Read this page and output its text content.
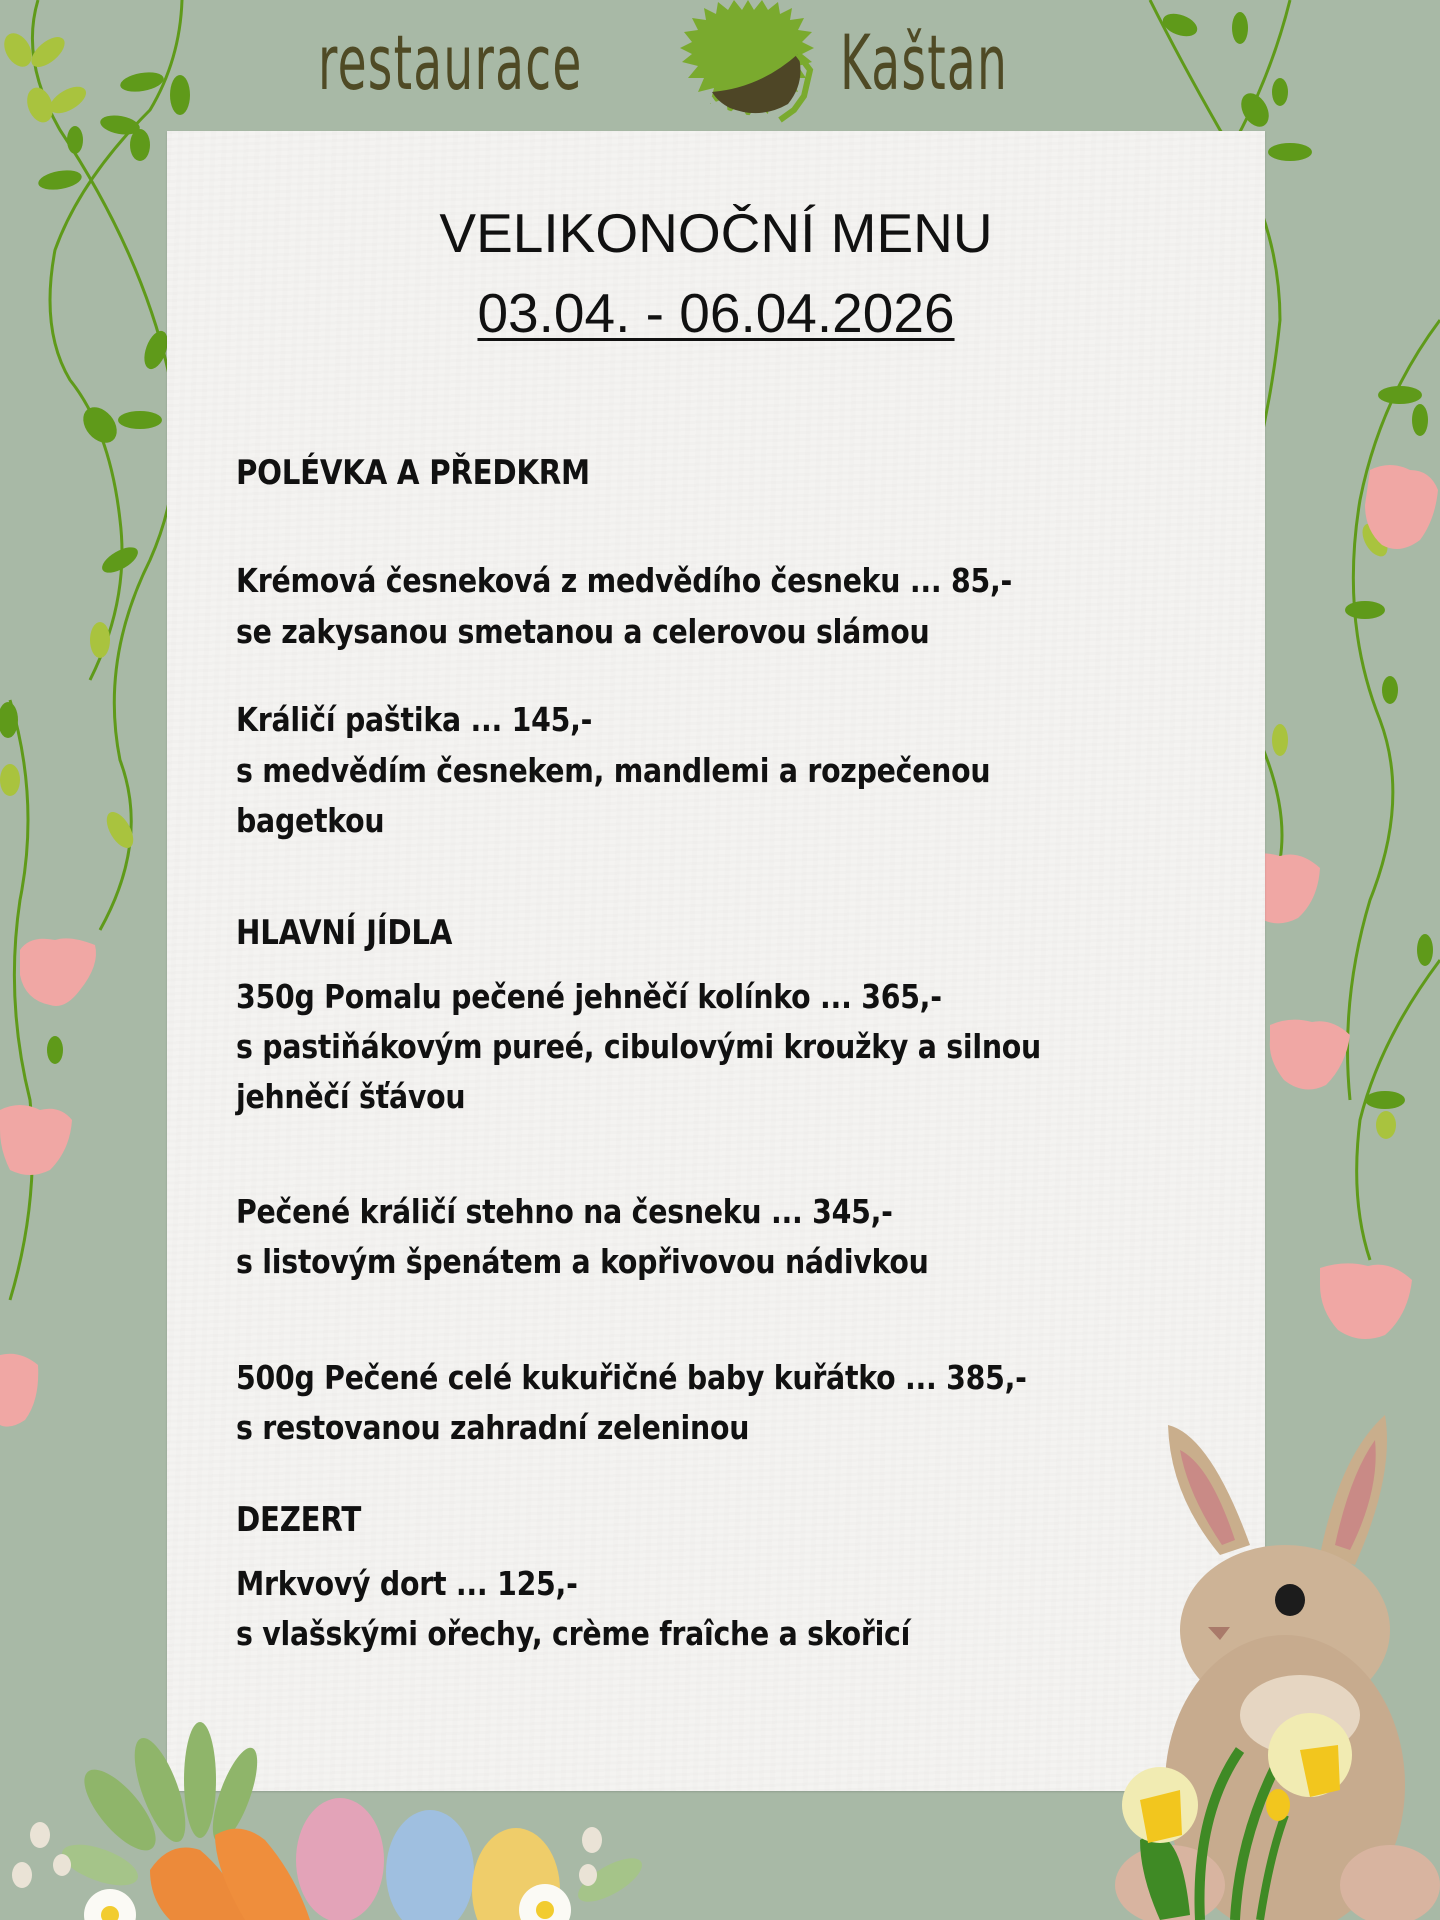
restaurace	Kaštan
VELIKONOČNÍ MENU
03.04. - 06.04.2026
POLÉVKA A PŘEDKRM
Krémová česneková z medvědího česneku ... 85,-
se zakysanou smetanou a celerovou slámou
Králičí paštika ... 145,-
s medvědím česnekem, mandlemi a rozpečenou
bagetkou
HLAVNÍ JÍDLA
350g Pomalu pečené jehněčí kolínko ... 365,-
s pastiňákovým pureé, cibulovými kroužky a silnou
jehněčí šťávou
Pečené králičí stehno na česneku ... 345,-
s listovým špenátem a kopřivovou nádivkou
500g Pečené celé kukuřičné baby kuřátko ... 385,-
s restovanou zahradní zeleninou
DEZERT
Mrkvový dort ... 125,-
s vlašskými ořechy, crème fraîche a skořicí
